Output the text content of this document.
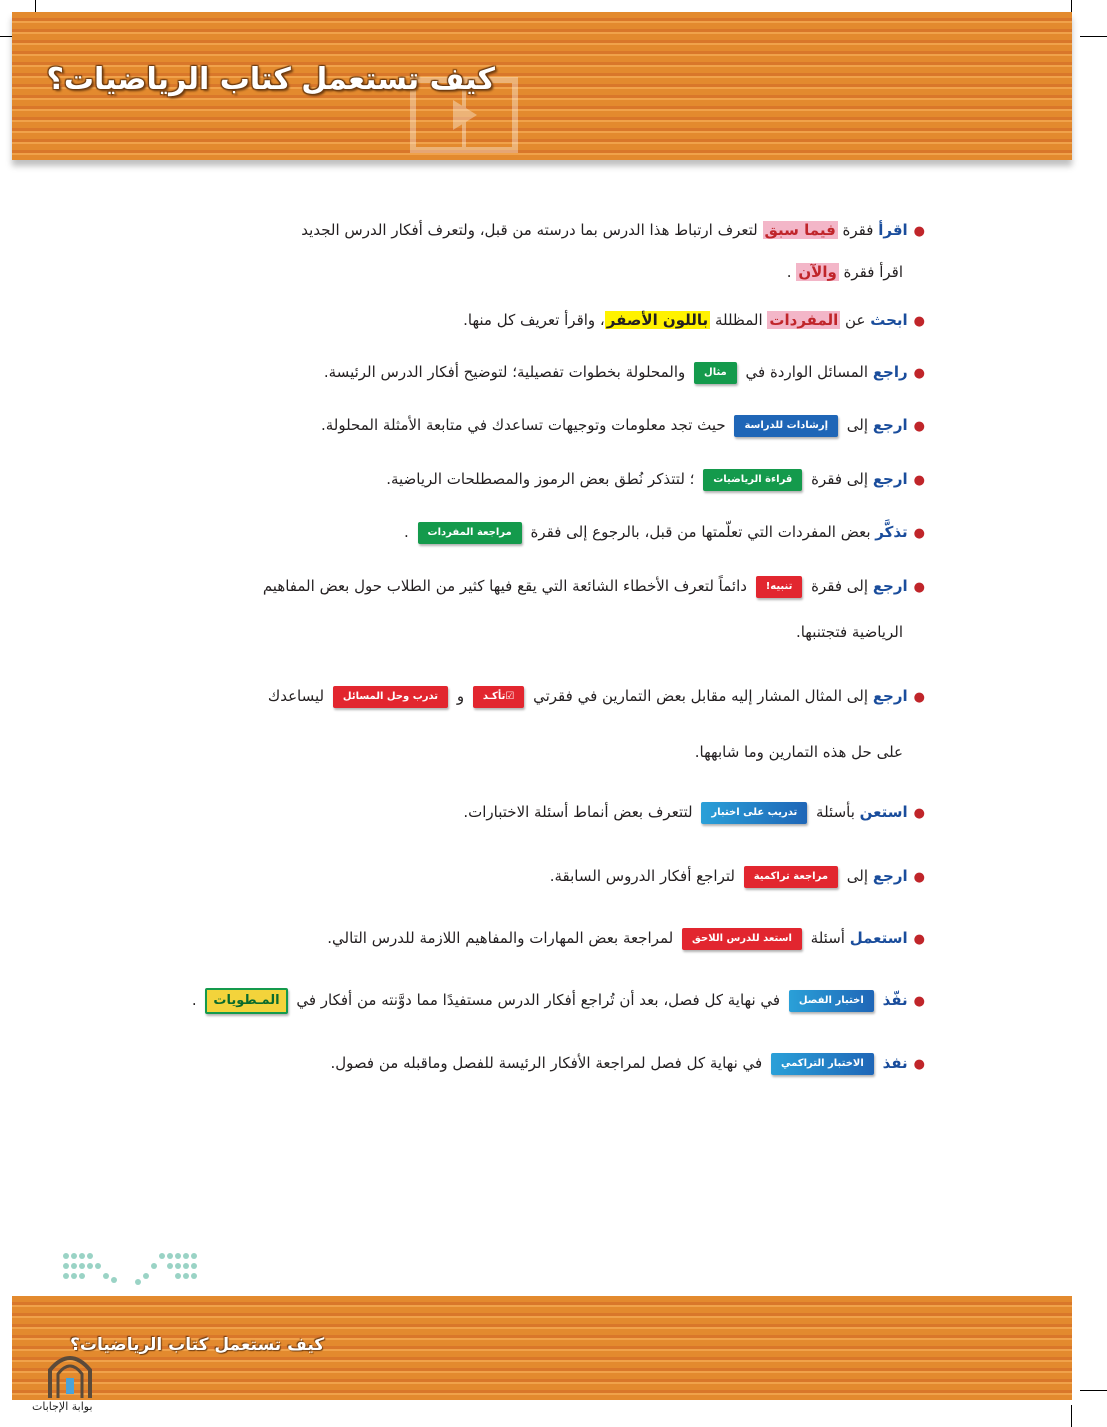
كيف تستعمل كتاب الرياضيات؟
●اقرأ فقرة فيما سبق لتعرف ارتباط هذا الدرس بما درسته من قبل، ولتعرف أفكار الدرس الجديد
اقرأ فقرة والآن .
●ابحث عن المفردات المظللة باللون الأصفر، واقرأ تعريف كل منها.
●راجع المسائل الواردة في مثال والمحلولة بخطوات تفصيلية؛ لتوضيح أفكار الدرس الرئيسة.
●ارجع إلى إرشادات للدراسة حيث تجد معلومات وتوجيهات تساعدك في متابعة الأمثلة المحلولة.
●ارجع إلى فقرة قراءة الرياضيات ؛ لتتذكر نُطق بعض الرموز والمصطلحات الرياضية.
●تذكَّر بعض المفردات التي تعلّمتها من قبل، بالرجوع إلى فقرة مراجعة المفردات .
●ارجع إلى فقرة تنبيه! دائماً لتعرف الأخطاء الشائعة التي يقع فيها كثير من الطلاب حول بعض المفاهيم
الرياضية فتجتنبها.
●ارجع إلى المثال المشار إليه مقابل بعض التمارين في فقرتي ☑ تأكـد و تدرب وحل المسائل ليساعدك
على حل هذه التمارين وما شابهها.
●استعن بأسئلة تدريب على اختبار لتتعرف بعض أنماط أسئلة الاختبارات.
●ارجع إلى مراجعة تراكمية لتراجع أفكار الدروس السابقة.
●استعمل أسئلة استعد للدرس اللاحق لمراجعة بعض المهارات والمفاهيم اللازمة للدرس التالي.
●نفّذ اختبار الفصل في نهاية كل فصل، بعد أن تُراجع أفكار الدرس مستفيدًا مما دوَّنته من أفكار في المـطويات .
●نفذ الاختبار التراكمي في نهاية كل فصل لمراجعة الأفكار الرئيسة للفصل وماقبله من فصول.
كيف تستعمل كتاب الرياضيات؟
بوابة الإجابات
